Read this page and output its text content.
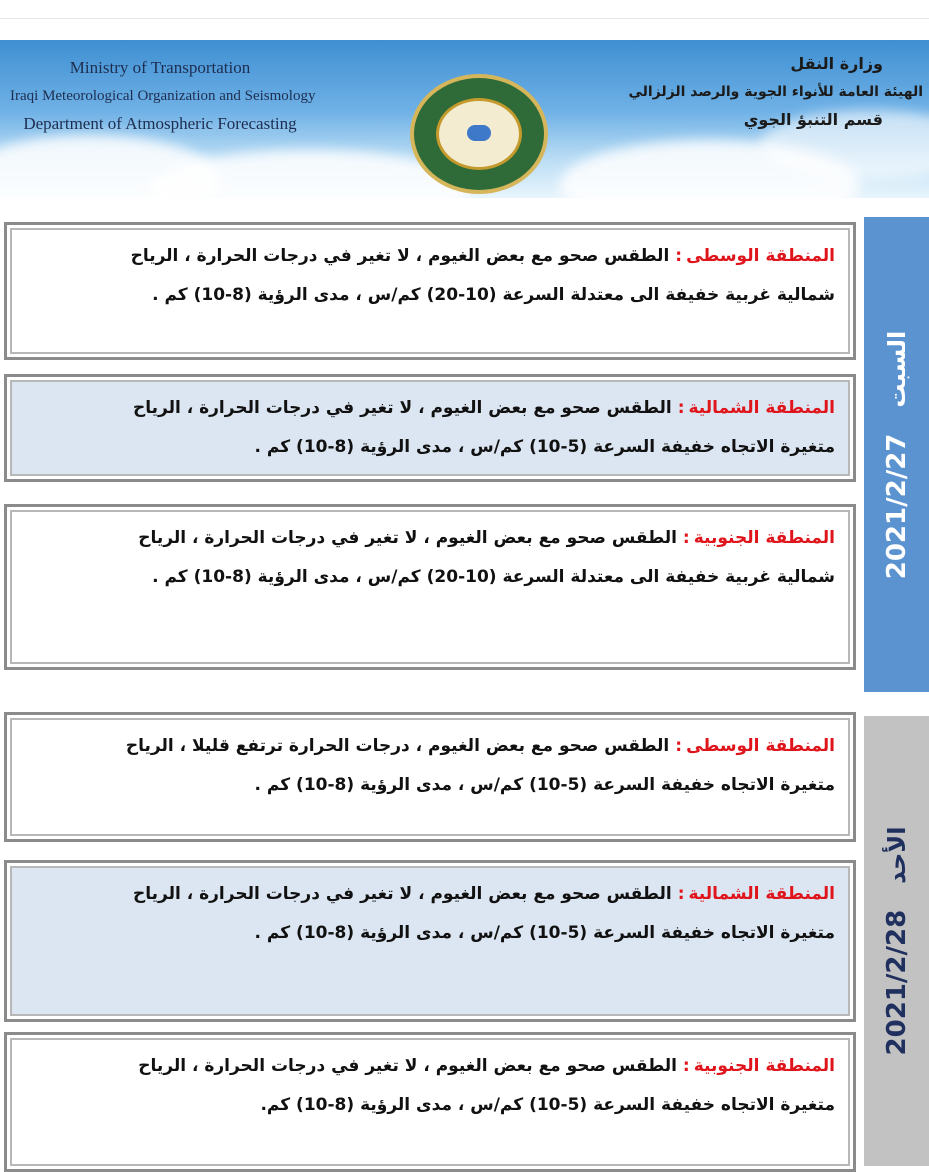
Ministry of Transportation
Iraqi Meteorological Organization and Seismology
Department of Atmospheric Forecasting
وزارة النقل
الهيئة العامة للأنواء الجوية والرصد الزلزالي
قسم التنبؤ الجوي
المنطقة الوسطى:الطقس صحو مع بعض الغيوم ، لا تغير في درجات الحرارة ، الرياح
شمالية غربية خفيفة الى معتدلة السرعة (10-20) كم/س ، مدى الرؤية (8-10) كم .
المنطقة الشمالية:الطقس صحو مع بعض الغيوم ، لا تغير في درجات الحرارة ، الرياح
متغيرة الاتجاه خفيفة السرعة (5-10) كم/س ، مدى الرؤية (8-10) كم .
المنطقة الجنوبية:الطقس صحو مع بعض الغيوم ، لا تغير في درجات الحرارة ، الرياح
شمالية غربية خفيفة الى معتدلة السرعة (10-20) كم/س ، مدى الرؤية (8-10) كم . 2021/2/27السبت
المنطقة الوسطى:الطقس صحو مع بعض الغيوم ، درجات الحرارة ترتفع قليلا ، الرياح
متغيرة الاتجاه خفيفة السرعة (5-10) كم/س ، مدى الرؤية (8-10) كم .
المنطقة الشمالية:الطقس صحو مع بعض الغيوم ، لا تغير في درجات الحرارة ، الرياح
متغيرة الاتجاه خفيفة السرعة (5-10) كم/س ، مدى الرؤية (8-10) كم .
المنطقة الجنوبية:الطقس صحو مع بعض الغيوم ، لا تغير في درجات الحرارة ، الرياح
متغيرة الاتجاه خفيفة السرعة (5-10) كم/س ، مدى الرؤية (8-10) كم.
2021/2/28الأحد
